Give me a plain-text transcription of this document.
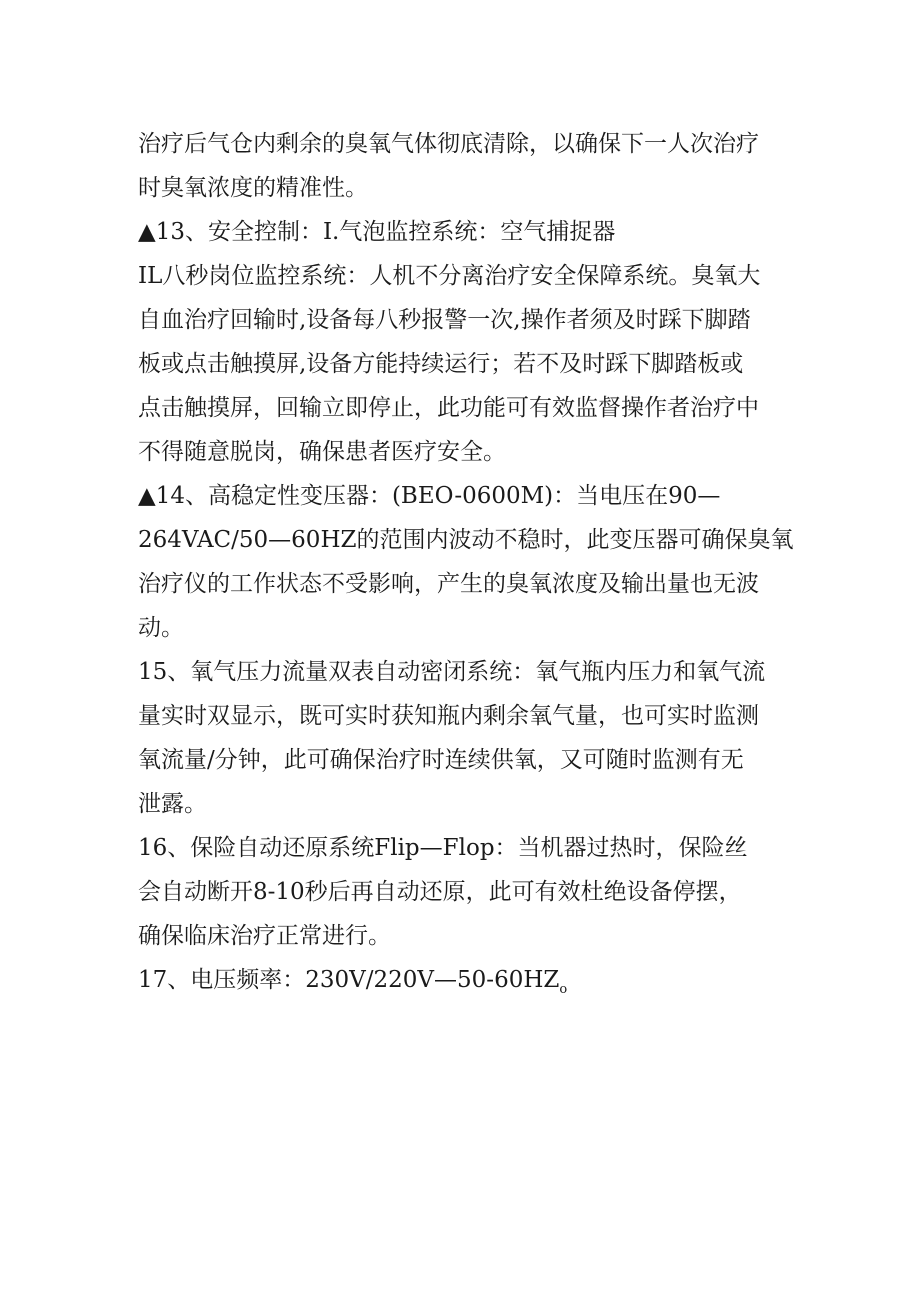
治疗后气仓内剩余的臭氧气体彻底清除，以确保下一人次治疗
时臭氧浓度的精准性。
▲13、安全控制：I.气泡监控系统：空气捕捉器
IL八秒岗位监控系统：人机不分离治疗安全保障系统。臭氧大
自血治疗回输时,设备每八秒报警一次,操作者须及时踩下脚踏
板或点击触摸屏,设备方能持续运行；若不及时踩下脚踏板或
点击触摸屏，回输立即停止，此功能可有效监督操作者治疗中
不得随意脱岗，确保患者医疗安全。
▲14、高稳定性变压器：(BEO-0600M)：当电压在90—
264VAC/50—60HZ的范围内波动不稳时，此变压器可确保臭氧
治疗仪的工作状态不受影响，产生的臭氧浓度及输出量也无波
动。
15、氧气压力流量双表自动密闭系统：氧气瓶内压力和氧气流
量实时双显示，既可实时获知瓶内剩余氧气量，也可实时监测
氧流量/分钟，此可确保治疗时连续供氧，又可随时监测有无
泄露。
16、保险自动还原系统Flip—Flop：当机器过热时，保险丝
会自动断开8-10秒后再自动还原，此可有效杜绝设备停摆，
确保临床治疗正常进行。
17、电压频率：$230V/220V—50-60HZ_o$
